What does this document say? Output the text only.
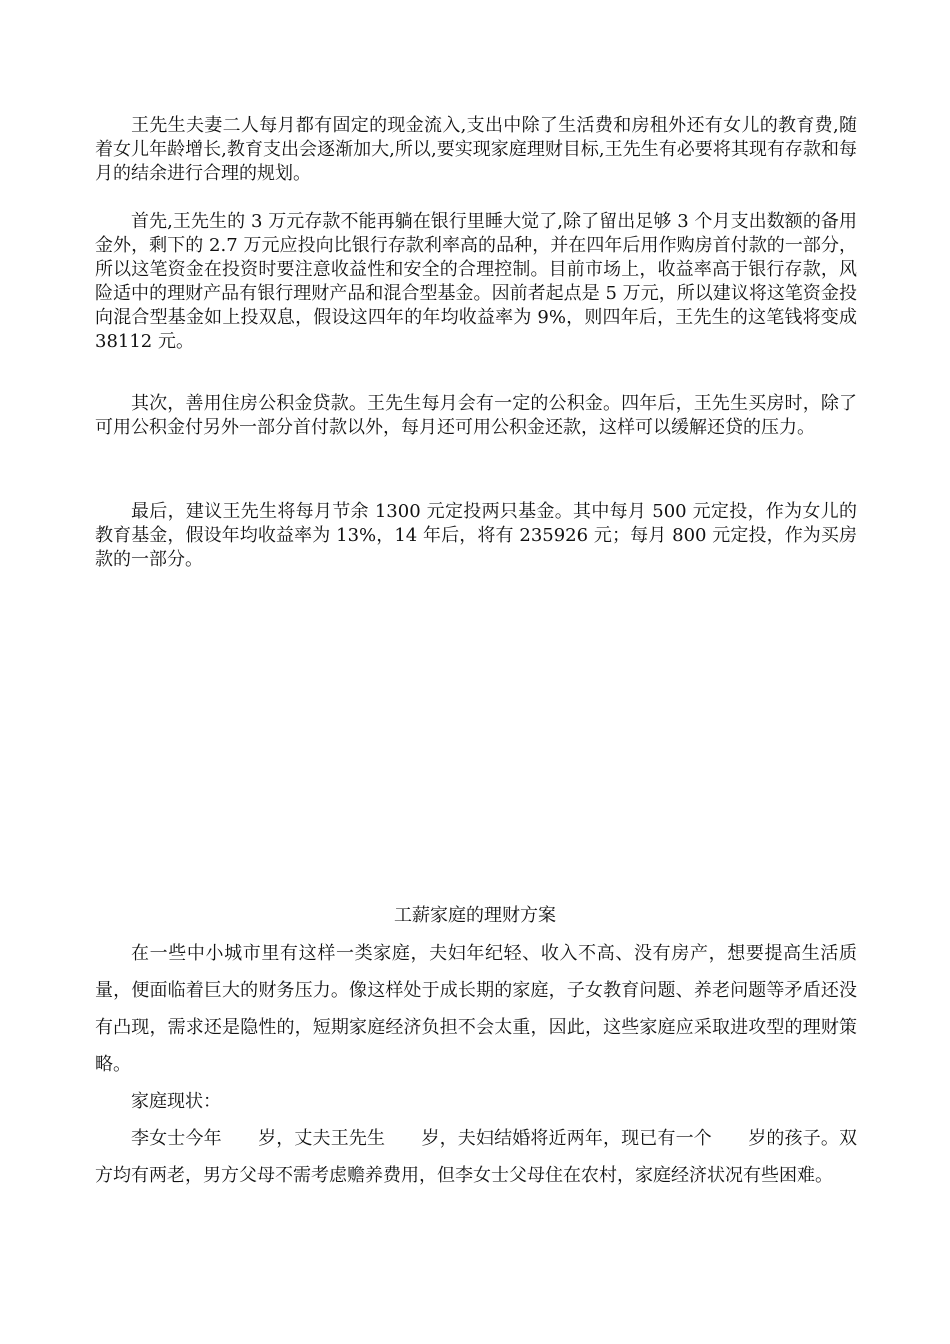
王先生夫妻二人每月都有固定的现金流入,支出中除了生活费和房租外还有女儿的教育费,随着女儿年龄增长,教育支出会逐渐加大,所以,要实现家庭理财目标,王先生有必要将其现有存款和每月的结余进行合理的规划。

首先,王先生的 3 万元存款不能再躺在银行里睡大觉了,除了留出足够 3 个月支出数额的备用金外，剩下的 2.7 万元应投向比银行存款利率高的品种，并在四年后用作购房首付款的一部分，所以这笔资金在投资时要注意收益性和安全的合理控制。目前市场上，收益率高于银行存款，风险适中的理财产品有银行理财产品和混合型基金。因前者起点是 5 万元，所以建议将这笔资金投向混合型基金如上投双息，假设这四年的年均收益率为 9%，则四年后，王先生的这笔钱将变成 38112 元。

其次，善用住房公积金贷款。王先生每月会有一定的公积金。四年后，王先生买房时，除了可用公积金付另外一部分首付款以外，每月还可用公积金还款，这样可以缓解还贷的压力。

最后，建议王先生将每月节余 1300 元定投两只基金。其中每月 500 元定投，作为女儿的教育基金，假设年均收益率为 13%，14 年后，将有 235926 元；每月 800 元定投，作为买房款的一部分。

工薪家庭的理财方案

在一些中小城市里有这样一类家庭，夫妇年纪轻、收入不高、没有房产，想要提高生活质量，便面临着巨大的财务压力。像这样处于成长期的家庭，子女教育问题、养老问题等矛盾还没有凸现，需求还是隐性的，短期家庭经济负担不会太重，因此，这些家庭应采取进攻型的理财策略。

家庭现状：

李女士今年　　岁，丈夫王先生　　岁，夫妇结婚将近两年，现已有一个　　岁的孩子。双方均有两老，男方父母不需考虑赡养费用，但李女士父母住在农村，家庭经济状况有些困难。
